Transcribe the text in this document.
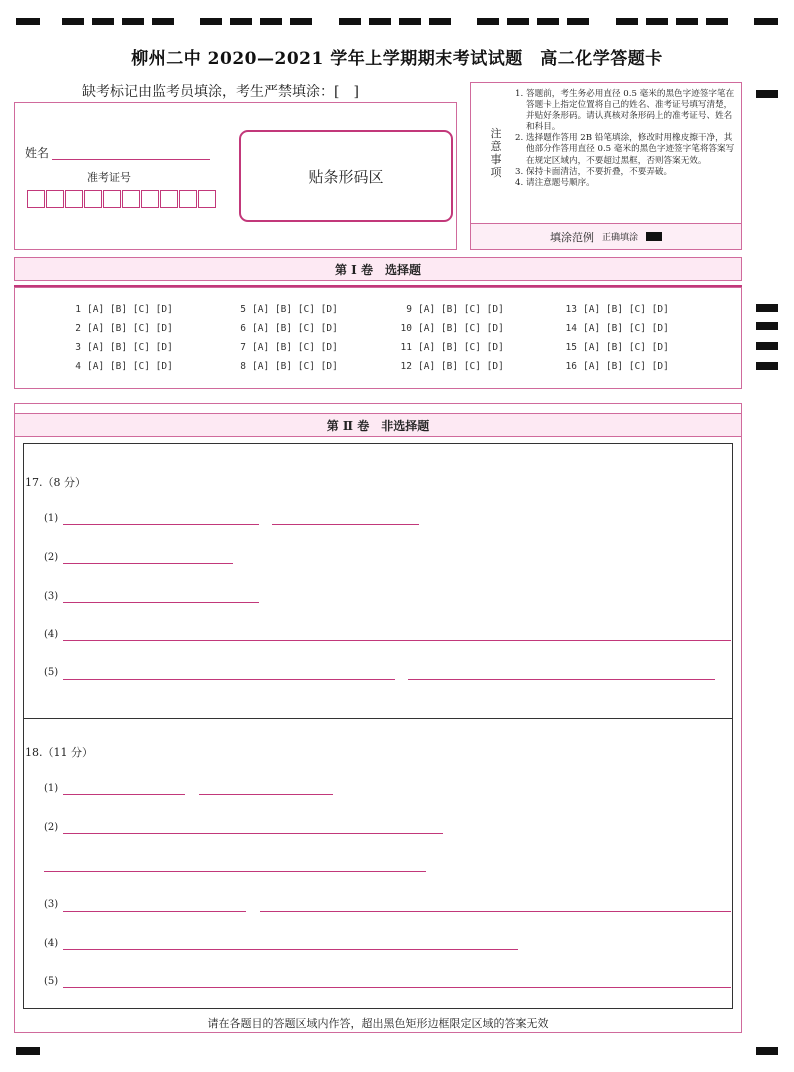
柳州二中 2020—2021 学年上学期期末考试试题　高二化学答题卡
缺考标记由监考员填涂，考生严禁填涂：[　]
姓名
准考证号	贴条形码区
注意事项
1. 答题前，考生务必用直径 0.5 毫米的黑色字迹签字笔在答题卡上指定位置将自己的姓名、准考证号填写清楚，并贴好条形码。请认真核对条形码上的准考证号、姓名和科目。
2. 选择题作答用 2B 铅笔填涂，修改时用橡皮擦干净，其他部分作答用直径 0.5 毫米的黑色字迹签字笔将答案写在规定区域内，不要超过黑框，否则答案无效。
3. 保持卡面清洁，不要折叠，不要弄破。
4. 请注意题号顺序。
填涂范例 正确填涂
第 Ⅰ 卷　选择题
1 [A] [B] [C] [D]
2 [A] [B] [C] [D]
3 [A] [B] [C] [D]
4 [A] [B] [C] [D]
5 [A] [B] [C] [D]
6 [A] [B] [C] [D]
7 [A] [B] [C] [D]
8 [A] [B] [C] [D]
9 [A] [B] [C] [D]
10 [A] [B] [C] [D]
11 [A] [B] [C] [D]
12 [A] [B] [C] [D]
13 [A] [B] [C] [D]
14 [A] [B] [C] [D]
15 [A] [B] [C] [D]
16 [A] [B] [C] [D]
第 Ⅱ 卷　非选择题
17.（8 分）
(1)
(2)
(3)
(4)
(5)
18.（11 分）
(1)
(2)
(3)
(4)
(5)
请在各题目的答题区域内作答，超出黑色矩形边框限定区域的答案无效
